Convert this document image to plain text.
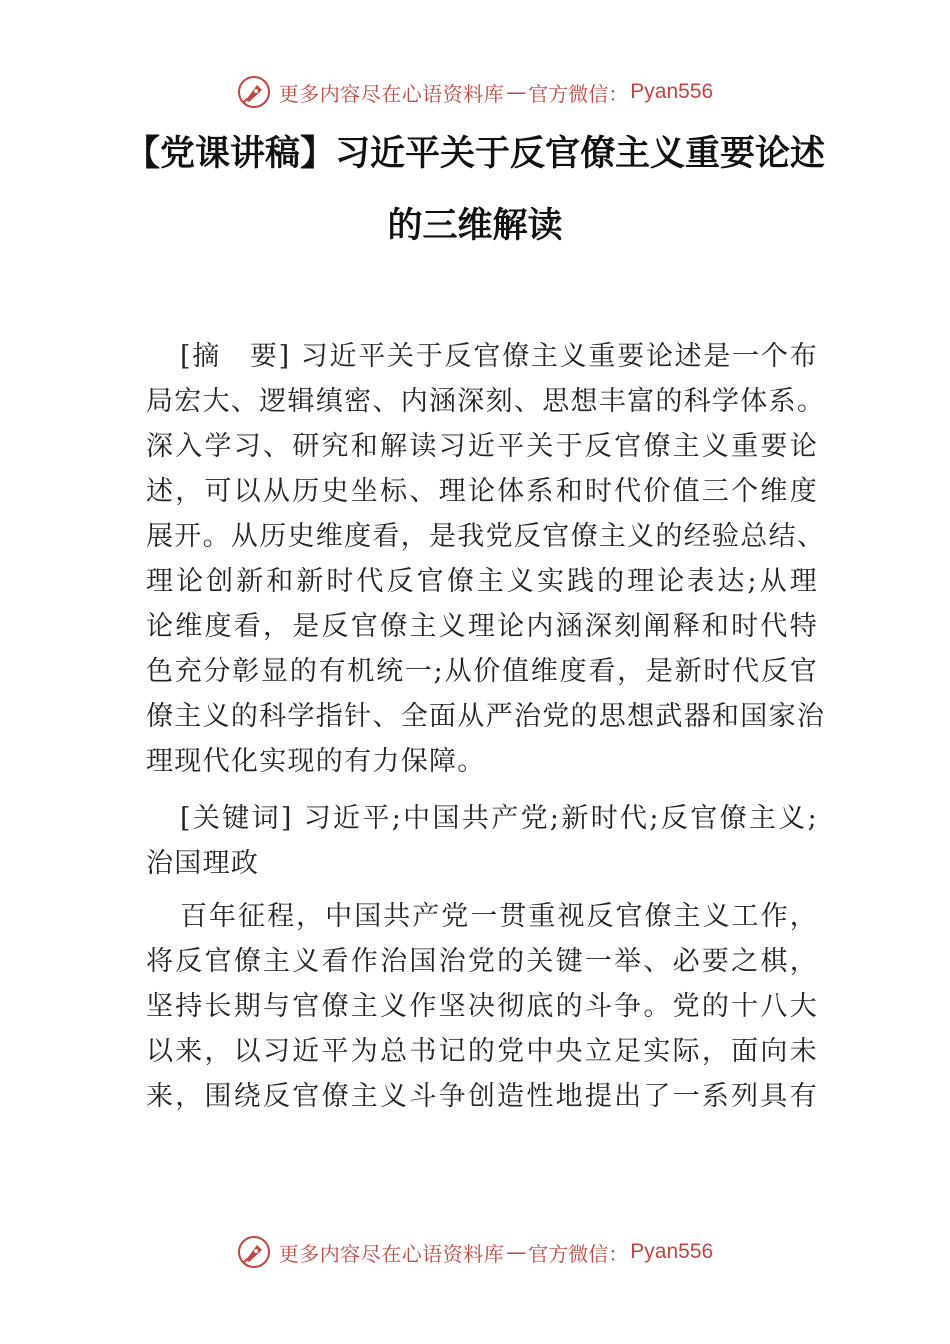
更多内容尽在心语资料库 — 官方微信： Pyan556
【党课讲稿】习近平关于反官僚主义重要论述
的三维解读
[摘　要] 习近平关于反官僚主义重要论述是一个布
局宏大、逻辑缜密、内涵深刻、思想丰富的科学体系。
深入学习、研究和解读习近平关于反官僚主义重要论
述，可以从历史坐标、理论体系和时代价值三个维度
展开。从历史维度看，是我党反官僚主义的经验总结、
理论创新和新时代反官僚主义实践的理论表达;从理
论维度看，是反官僚主义理论内涵深刻阐释和时代特
色充分彰显的有机统一;从价值维度看，是新时代反官
僚主义的科学指针、全面从严治党的思想武器和国家治
理现代化实现的有力保障。
[关键词] 习近平;中国共产党;新时代;反官僚主义;
治国理政
百年征程，中国共产党一贯重视反官僚主义工作，
将反官僚主义看作治国治党的关键一举、必要之棋，
坚持长期与官僚主义作坚决彻底的斗争。党的十八大
以来，以习近平为总书记的党中央立足实际，面向未
来，围绕反官僚主义斗争创造性地提出了一系列具有
更多内容尽在心语资料库 — 官方微信： Pyan556
